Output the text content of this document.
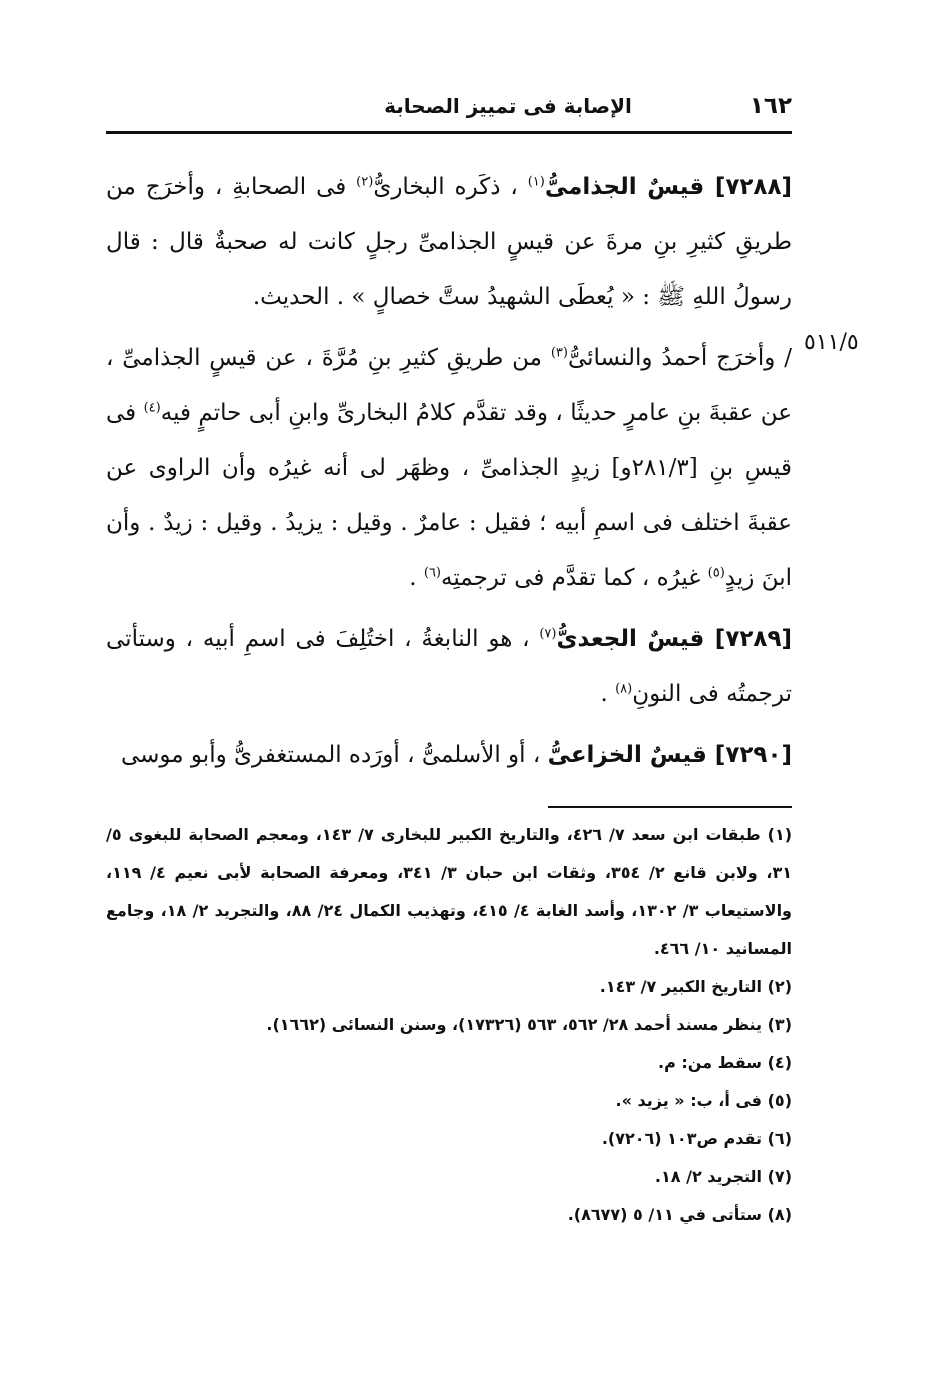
١٦٢
الإصابة فى تمييز الصحابة
٥١١/٥

[٧٢٨٨] قيسٌ الجذامىُّ$^{(١)}$ ، ذكَره البخارىُّ$^{(٢)}$ فى الصحابةِ ، وأخرَج من طريقِ كثيرِ بنِ مرةَ عن قيسٍ الجذامىِّ رجلٍ كانت له صحبةٌ قال : قال رسولُ اللهِ ﷺ : « يُعطَى الشهيدُ ستَّ خصالٍ » . الحديث.

/ وأخرَج أحمدُ والنسائىُّ$^{(٣)}$ من طريقِ كثيرِ بنِ مُرَّةَ ، عن قيسٍ الجذامىِّ ، عن عقبةَ بنِ عامرٍ حديثًا ، وقد تقدَّم كلامُ البخارىِّ وابنِ أبى حاتمٍ فيه$^{(٤)}$ فى قيسِ بنِ [٢٨١/٣و] زيدٍ الجذامىِّ ، وظهَر لى أنه غيرُه وأن الراوى عن عقبةَ اختلف فى اسمِ أبيه ؛ فقيل : عامرٌ . وقيل : يزيدُ . وقيل : زيدٌ . وأن ابنَ زيدٍ$^{(٥)}$ غيرُه ، كما تقدَّم فى ترجمتِه$^{(٦)}$ .

[٧٢٨٩] قيسٌ الجعدىُّ$^{(٧)}$ ، هو النابغةُ ، اختُلِفَ فى اسمِ أبيه ، وستأتى ترجمتُه فى النونِ$^{(٨)}$ .

[٧٢٩٠] قيسٌ الخزاعىُّ ، أو الأسلمىُّ ، أورَده المستغفرىُّ وأبو موسى

(١) طبقات ابن سعد ٧/ ٤٢٦، والتاريخ الكبير للبخارى ٧/ ١٤٣، ومعجم الصحابة للبغوى ٥/ ٣١، ولابن قانع ٢/ ٣٥٤، وثقات ابن حبان ٣/ ٣٤١، ومعرفة الصحابة لأبى نعيم ٤/ ١١٩، والاستيعاب ٣/ ١٣٠٢، وأسد الغابة ٤/ ٤١٥، وتهذيب الكمال ٢٤/ ٨٨، والتجريد ٢/ ١٨، وجامع المسانيد ١٠/ ٤٦٦.
(٢) التاريخ الكبير ٧/ ١٤٣.
(٣) ينظر مسند أحمد ٢٨/ ٥٦٢، ٥٦٣ (١٧٣٢٦)، وسنن النسائى (١٦٦٢).
(٤) سقط من: م.
(٥) فى أ، ب: « يزيد ».
(٦) تقدم ص١٠٣ (٧٢٠٦).
(٧) التجريد ٢/ ١٨.
(٨) ستأتى في ١١/ ٥ (٨٦٧٧).
